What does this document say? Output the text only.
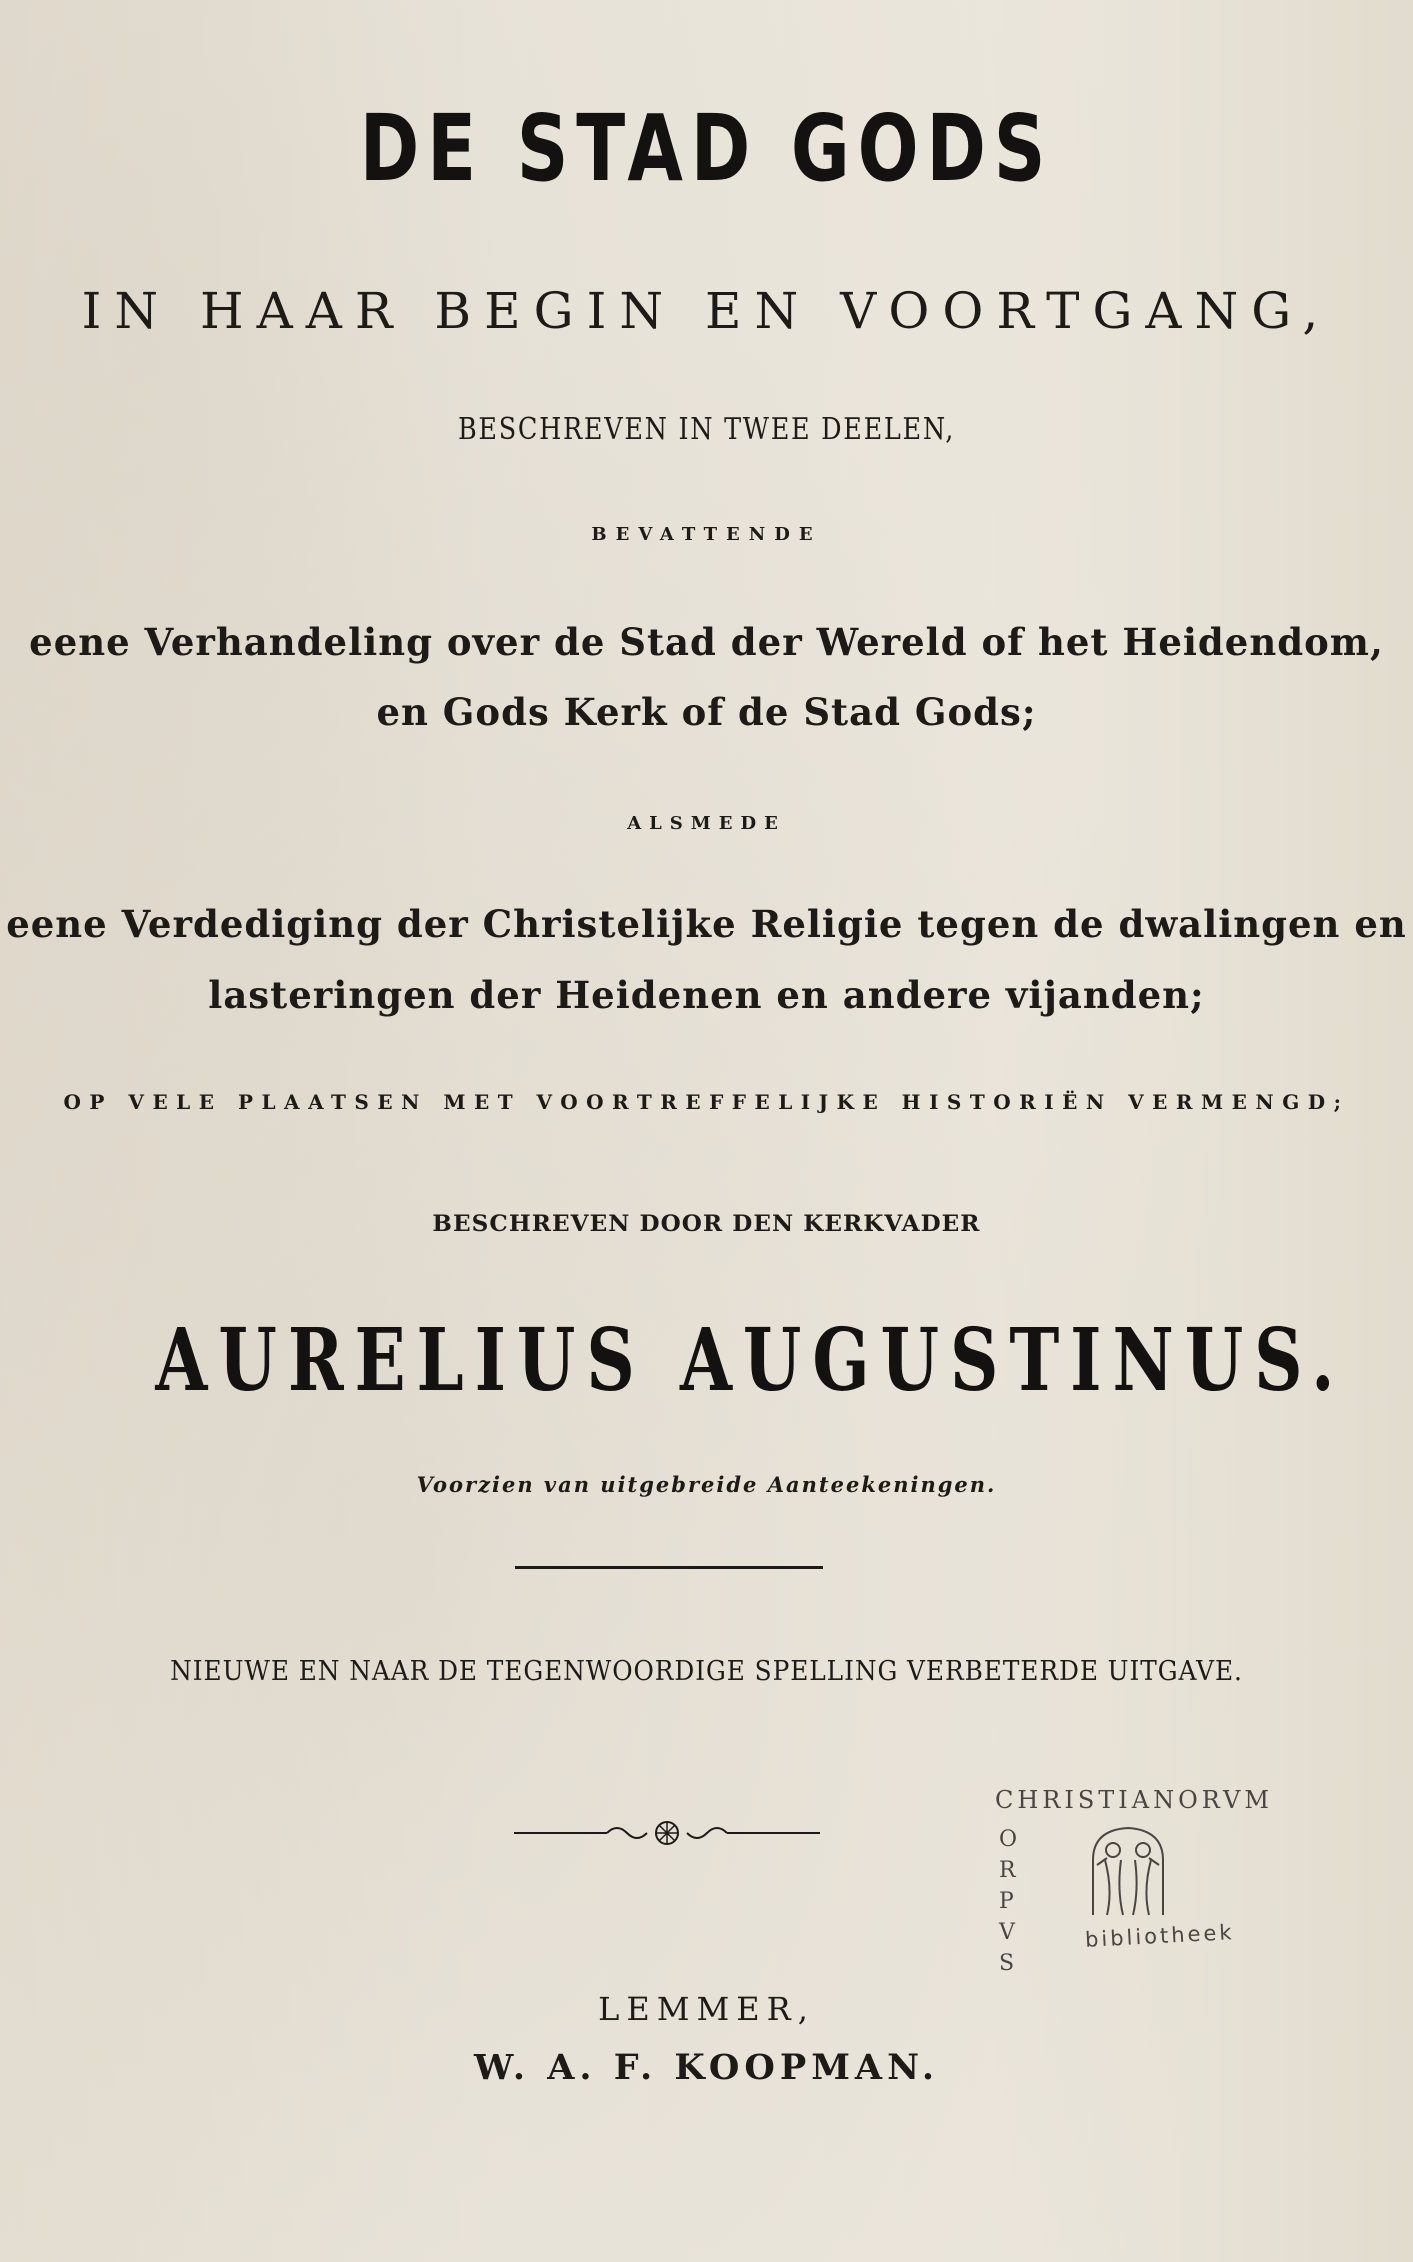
DE STAD GODS
IN HAAR BEGIN EN VOORTGANG,
BESCHREVEN IN TWEE DEELEN,
BEVATTENDE
eene Verhandeling over de Stad der Wereld of het Heidendom,
en Gods Kerk of de Stad Gods;
ALSMEDE
eene Verdediging der Christelijke Religie tegen de dwalingen en
lasteringen der Heidenen en andere vijanden;
OP VELE PLAATSEN MET VOORTREFFELIJKE HISTORIËN VERMENGD;
BESCHREVEN DOOR DEN KERKVADER
AURELIUS AUGUSTINUS.
Voorzien van uitgebreide Aanteekeningen.
NIEUWE EN NAAR DE TEGENWOORDIGE SPELLING VERBETERDE UITGAVE.
LEMMER,
W. A. F. KOOPMAN.
CHRISTIANORVM
O
R
P
V
S
bibliotheek
